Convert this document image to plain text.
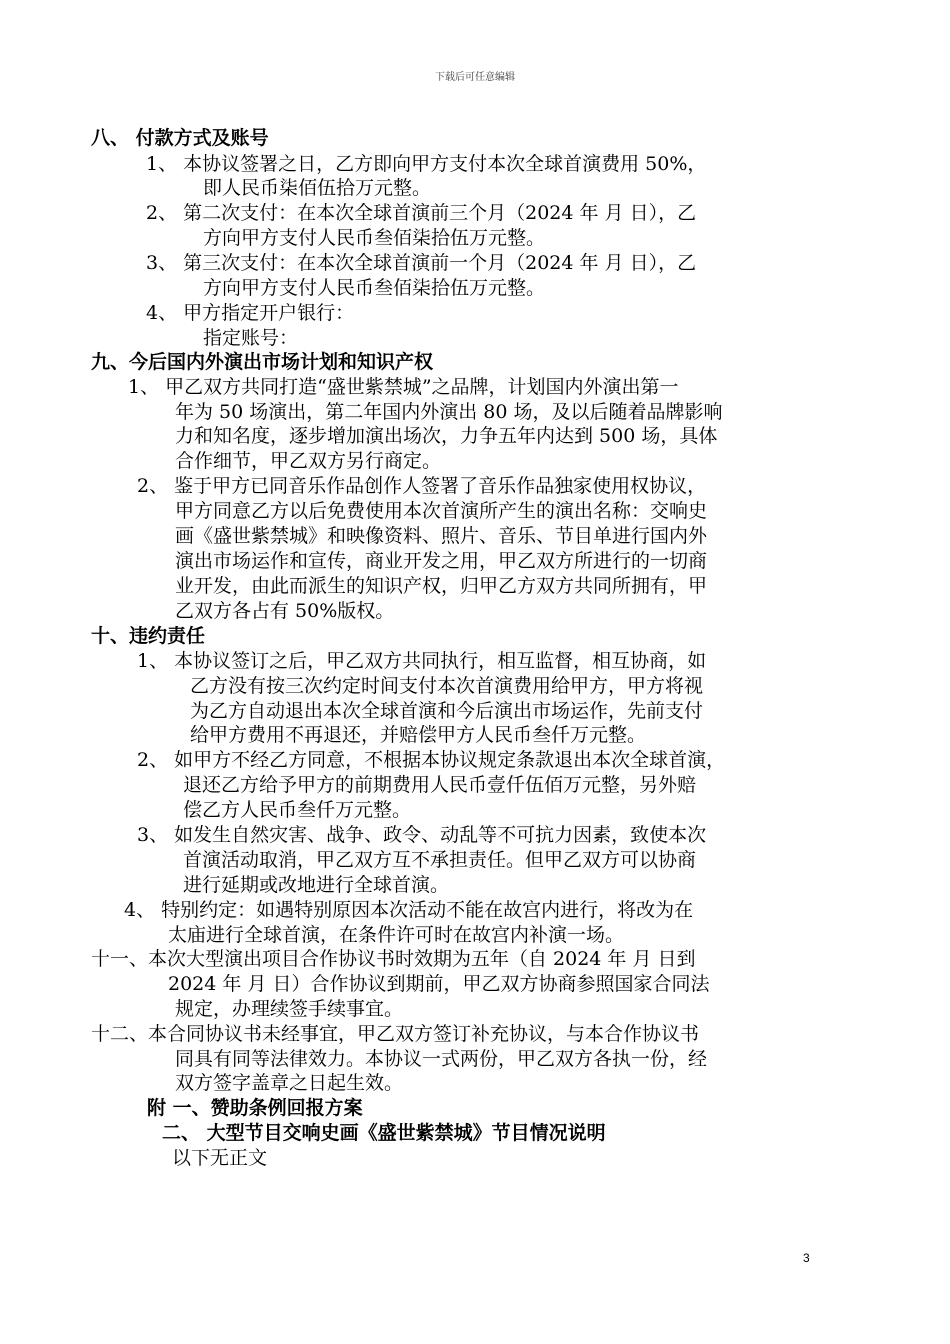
下载后可任意编辑
八、 付款方式及账号
1、 本协议签署之日，乙方即向甲方支付本次全球首演费用 50%，
即人民币柒佰伍拾万元整。
2、 第二次支付：在本次全球首演前三个月（2024 年 月 日），乙
方向甲方支付人民币叁佰柒拾伍万元整。
3、 第三次支付：在本次全球首演前一个月（2024 年 月 日），乙
方向甲方支付人民币叁佰柒拾伍万元整。
4、 甲方指定开户银行：
指定账号：
九、今后国内外演出市场计划和知识产权
1、 甲乙双方共同打造“盛世紫禁城”之品牌，计划国内外演出第一
年为 50 场演出，第二年国内外演出 80 场，及以后随着品牌影响
力和知名度，逐步增加演出场次，力争五年内达到 500 场，具体
合作细节，甲乙双方另行商定。
2、 鉴于甲方已同音乐作品创作人签署了音乐作品独家使用权协议，
甲方同意乙方以后免费使用本次首演所产生的演出名称：交响史
画《盛世紫禁城》和映像资料、照片、音乐、节目单进行国内外
演出市场运作和宣传，商业开发之用，甲乙双方所进行的一切商
业开发，由此而派生的知识产权，归甲乙方双方共同所拥有，甲
乙双方各占有 50%版权。
十、违约责任
1、 本协议签订之后，甲乙双方共同执行，相互监督，相互协商，如
乙方没有按三次约定时间支付本次首演费用给甲方，甲方将视
为乙方自动退出本次全球首演和今后演出市场运作，先前支付
给甲方费用不再退还，并赔偿甲方人民币叁仟万元整。
2、 如甲方不经乙方同意，不根据本协议规定条款退出本次全球首演，
退还乙方给予甲方的前期费用人民币壹仟伍佰万元整，另外赔
偿乙方人民币叁仟万元整。
3、 如发生自然灾害、战争、政令、动乱等不可抗力因素，致使本次
首演活动取消，甲乙双方互不承担责任。但甲乙双方可以协商
进行延期或改地进行全球首演。
4、 特别约定：如遇特别原因本次活动不能在故宫内进行，将改为在
太庙进行全球首演，在条件许可时在故宫内补演一场。
十一、本次大型演出项目合作协议书时效期为五年（自 2024 年 月 日到
2024 年 月 日）合作协议到期前，甲乙双方协商参照国家合同法
规定，办理续签手续事宜。
十二、本合同协议书未经事宜，甲乙双方签订补充协议，与本合作协议书
同具有同等法律效力。本协议一式两份，甲乙双方各执一份，经
双方签字盖章之日起生效。
附 一、赞助条例回报方案
二、 大型节目交响史画《盛世紫禁城》节目情况说明
以下无正文
3
